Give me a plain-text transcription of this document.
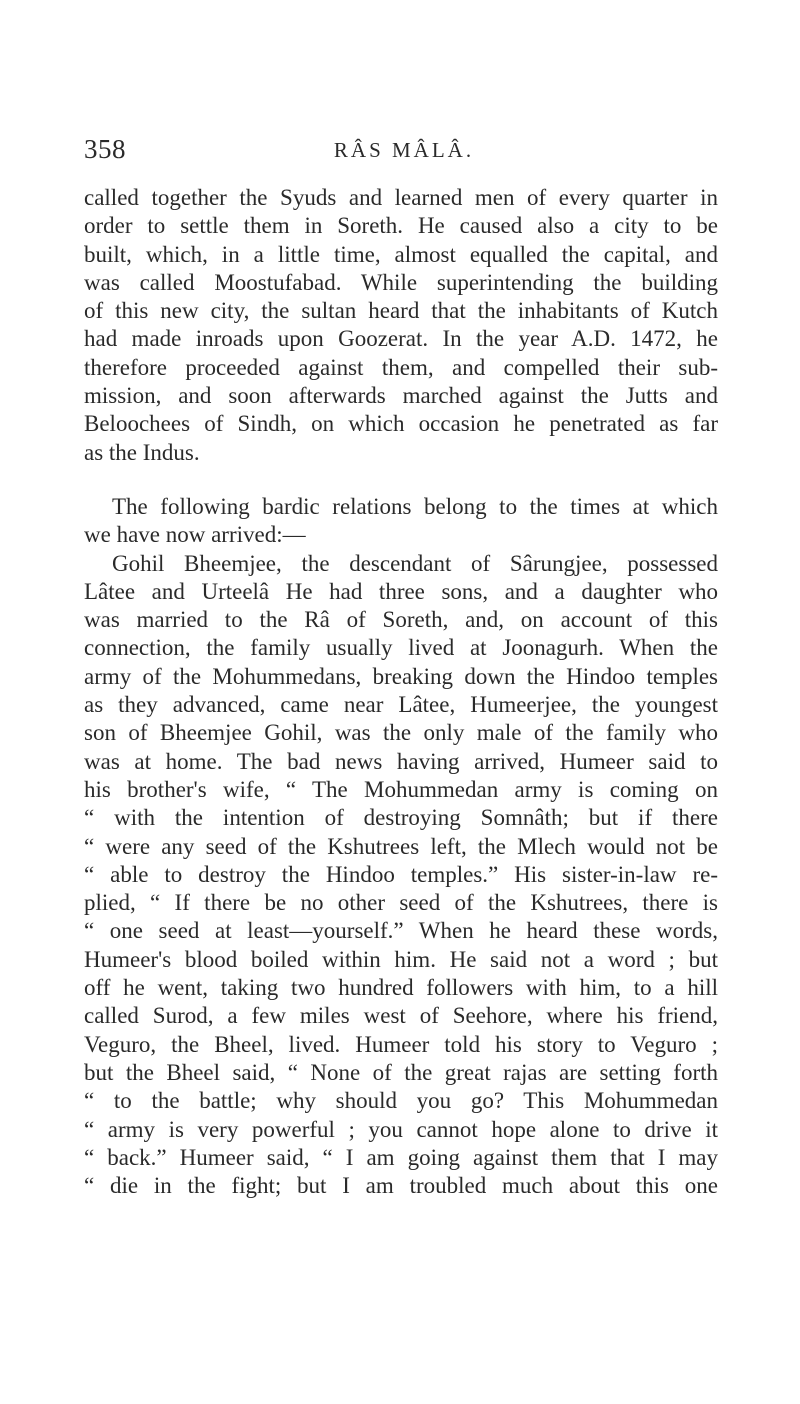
358	RÂS MÂLÂ.
called together the Syuds and learned men of every quarter in
order to settle them in Soreth. He caused also a city to be
built, which, in a little time, almost equalled the capital, and
was called Moostufabad. While superintending the building
of this new city, the sultan heard that the inhabitants of Kutch
had made inroads upon Goozerat. In the year A.D. 1472, he
therefore proceeded against them, and compelled their sub-
mission, and soon afterwards marched against the Jutts and
Beloochees of Sindh, on which occasion he penetrated as far
as the Indus.
The following bardic relations belong to the times at which
we have now arrived:—
Gohil Bheemjee, the descendant of Sârungjee, possessed
Lâtee and Urteelâ He had three sons, and a daughter who
was married to the Râ of Soreth, and, on account of this
connection, the family usually lived at Joonagurh. When the
army of the Mohummedans, breaking down the Hindoo temples
as they advanced, came near Lâtee, Humeerjee, the youngest
son of Bheemjee Gohil, was the only male of the family who
was at home. The bad news having arrived, Humeer said to
his brother's wife, “ The Mohummedan army is coming on
“ with the intention of destroying Somnâth; but if there
“ were any seed of the Kshutrees left, the Mlech would not be
“ able to destroy the Hindoo temples.” His sister-in-law re-
plied, “ If there be no other seed of the Kshutrees, there is
“ one seed at least—yourself.” When he heard these words,
Humeer's blood boiled within him. He said not a word ; but
off he went, taking two hundred followers with him, to a hill
called Surod, a few miles west of Seehore, where his friend,
Veguro, the Bheel, lived. Humeer told his story to Veguro ;
but the Bheel said, “ None of the great rajas are setting forth
“ to the battle; why should you go? This Mohummedan
“ army is very powerful ; you cannot hope alone to drive it
“ back.” Humeer said, “ I am going against them that I may
“ die in the fight; but I am troubled much about this one
